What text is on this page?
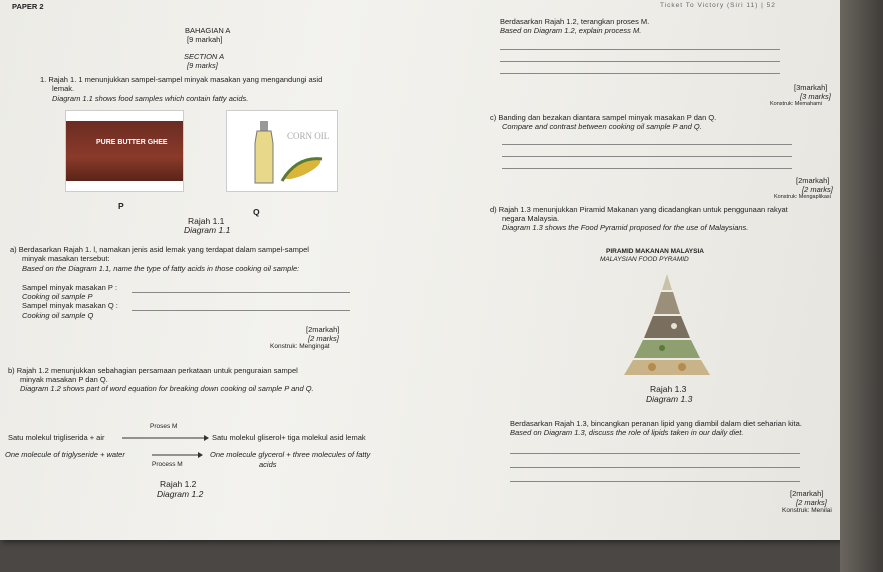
PAPER 2	Ticket To Victory (Siri 11) | 52
BAHAGIAN A
[9 markah]
SECTION A
[9 marks]
1. Rajah 1. 1 menunjukkan sampel-sampel minyak masakan yang mengandungi asid
lemak.
Diagram 1.1 shows food samples which contain fatty acids.
PURE BUTTER GHEE
CORN OIL
P
Q
Rajah 1.1
Diagram 1.1
a) Berdasarkan Rajah 1. l, namakan jenis asid lemak yang terdapat dalam sampel-sampel
minyak masakan tersebut:
Based on the Diagram 1.1, name the type of fatty acids in those cooking oil sample:
Sampel minyak masakan P :
Cooking oil sample P
Sampel minyak masakan Q :
Cooking oil sample Q
[2markah]
[2 marks]
Konstruk: Mengingat
b) Rajah 1.2 menunjukkan sebahagian persamaan perkataan untuk penguraian sampel
minyak masakan P dan Q.
Diagram 1.2 shows part of word equation for breaking down cooking oil sample P and Q.
Proses M
Satu molekul trigliserida + air	Satu molekul gliserol+ tiga molekul asid lemak
One molecule of triglyseride + water	One molecule glycerol + three molecules of fatty
Process M	acids
Rajah 1.2
Diagram 1.2
Berdasarkan Rajah 1.2, terangkan proses M.
Based on Diagram 1.2, explain process M.
[3markah]
[3 marks]
Konstruk: Memahami
c) Banding dan bezakan diantara sampel minyak masakan P dan Q.
Compare and contrast between cooking oil sample P and Q.
[2markah]
[2 marks]
Konstruk: Mengaplikasi
d) Rajah 1.3 menunjukkan Piramid Makanan yang dicadangkan untuk penggunaan rakyat
negara Malaysia.
Diagram 1.3 shows the Food Pyramid proposed for the use of Malaysians.
PIRAMID MAKANAN MALAYSIA
MALAYSIAN FOOD PYRAMID
Rajah 1.3
Diagram 1.3
Berdasarkan Rajah 1.3, bincangkan peranan lipid yang diambil dalam diet seharian kita.
Based on Diagram 1.3, discuss the role of lipids taken in our daily diet.
[2markah]
[2 marks]
Konstruk: Menilai
